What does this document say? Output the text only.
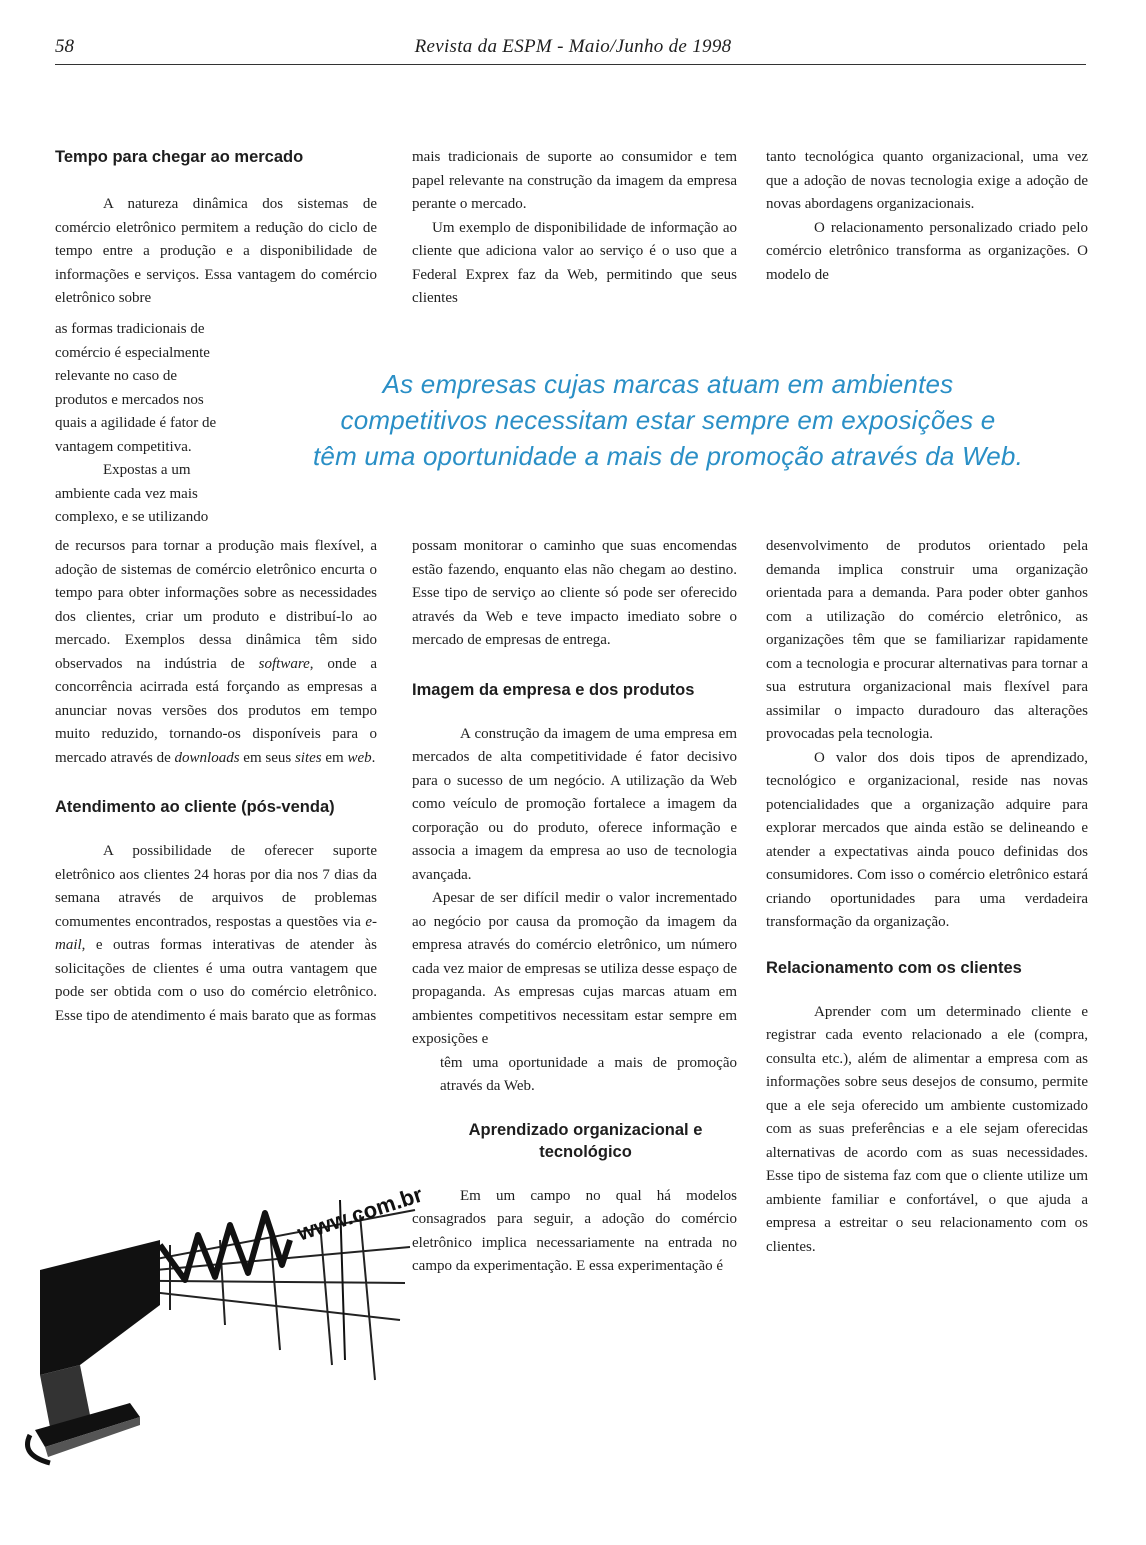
58	Revista da ESPM - Maio/Junho de 1998
Tempo para chegar ao mercado

A natureza dinâmica dos sistemas de comércio eletrônico permitem a redução do ciclo de tempo entre a produção e a disponibilidade de informações e serviços. Essa vantagem do comércio eletrônico sobre

as formas tradicionais de

comércio é especialmente

relevante no caso de

produtos e mercados nos

quais a agilidade é fator de

vantagem competitiva.

Expostas a um

ambiente cada vez mais

complexo, e se utilizando

de recursos para tornar a produção mais flexível, a adoção de sistemas de comércio eletrônico encurta o tempo para obter informações sobre as necessidades dos clientes, criar um produto e distribuí-lo ao mercado. Exemplos dessa dinâmica têm sido observados na indústria de software, onde a concorrência acirrada está forçando as empresas a anunciar novas versões dos produtos em tempo muito reduzido, tornando-os disponíveis para o mercado através de downloads em seus sites em web.

Atendimento ao cliente (pós-venda)

A possibilidade de oferecer suporte eletrônico aos clientes 24 horas por dia nos 7 dias da semana através de arquivos de problemas comumentes encontrados, respostas a questões via e-mail, e outras formas interativas de atender às solicitações de clientes é uma outra vantagem que pode ser obtida com o uso do comércio eletrônico. Esse tipo de atendimento é mais barato que as formas

mais tradicionais de suporte ao consumidor e tem papel relevante na construção da imagem da empresa perante o mercado.

Um exemplo de disponibilidade de informação ao cliente que adiciona valor ao serviço é o uso que a Federal Exprex faz da Web, permitindo que seus clientes

possam monitorar o caminho que suas encomendas estão fazendo, enquanto elas não chegam ao destino. Esse tipo de serviço ao cliente só pode ser oferecido através da Web e teve impacto imediato sobre o mercado de empresas de entrega.

Imagem da empresa e dos produtos

A construção da imagem de uma empresa em mercados de alta competitividade é fator decisivo para o sucesso de um negócio. A utilização da Web como veículo de promoção fortalece a imagem da corporação ou do produto, oferece informação e associa a imagem da empresa ao uso de tecnologia avançada.

Apesar de ser difícil medir o valor incrementado ao negócio por causa da promoção da imagem da empresa através do comércio eletrônico, um número cada vez maior de empresas se utiliza desse espaço de propaganda. As empresas cujas marcas atuam em ambientes competitivos necessitam estar sempre em exposições e

têm uma oportunidade a mais de promoção através da Web.

Aprendizado organizacional e tecnológico

Em um campo no qual há modelos consagrados para seguir, a adoção do comércio eletrônico implica necessariamente na entrada no campo da experimentação. E essa experimentação é

tanto tecnológica quanto organizacional, uma vez que a adoção de novas tecnologia exige a adoção de novas abordagens organizacionais.

O relacionamento personalizado criado pelo comércio eletrônico transforma as organizações. O modelo de

desenvolvimento de produtos orientado pela demanda implica construir uma organização orientada para a demanda. Para poder obter ganhos com a utilização do comércio eletrônico, as organizações têm que se familiarizar rapidamente com a tecnologia e procurar alternativas para tornar a sua estrutura organizacional mais flexível para assimilar o impacto duradouro das alterações provocadas pela tecnologia.

O valor dos dois tipos de aprendizado, tecnológico e organizacional, reside nas novas potencialidades que a organização adquire para explorar mercados que ainda estão se delineando e atender a expectativas ainda pouco definidas dos consumidores. Com isso o comércio eletrônico estará criando oportunidades para uma verdadeira transformação da organização.

Relacionamento com os clientes

Aprender com um determinado cliente e registrar cada evento relacionado a ele (compra, consulta etc.), além de alimentar a empresa com as informações sobre seus desejos de consumo, permite que a ele seja oferecido um ambiente customizado com as suas preferências e a ele sejam oferecidas alternativas de acordo com as suas necessidades. Esse tipo de sistema faz com que o cliente utilize um ambiente familiar e confortável, o que ajuda a empresa a estreitar o seu relacionamento com os clientes.

As empresas cujas marcas atuam em ambientes
competitivos necessitam estar sempre em exposições e
têm uma oportunidade a mais de promoção através da Web.
www.com.br
